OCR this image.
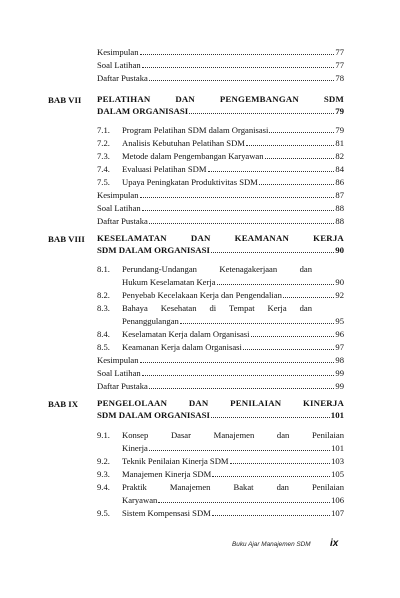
Kesimpulan	77
Soal Latihan	77
Daftar Pustaka	78
BAB VII PELATIHAN DAN PENGEMBANGAN SDM
DALAM ORGANISASI	79
7.1.	Program Pelatihan SDM dalam Organisasi	79
7.2.	Analisis Kebutuhan Pelatihan SDM	81
7.3.	Metode dalam Pengembangan Karyawan	82
7.4.	Evaluasi Pelatihan SDM	84
7.5.	Upaya Peningkatan Produktivitas SDM	86
Kesimpulan	87
Soal Latihan	88
Daftar Pustaka	88
BAB VIII KESELAMATAN DAN KEAMANAN KERJA
SDM DALAM ORGANISASI	90
8.1.	Perundang-Undangan Ketenagakerjaan dan
Hukum Keselamatan Kerja	90
8.2.	Penyebab Kecelakaan Kerja dan Pengendalian	92
8.3.	Bahaya Kesehatan di Tempat Kerja dan
Penanggulangan	95
8.4.	Keselamatan Kerja dalam Organisasi	96
8.5.	Keamanan Kerja dalam Organisasi	97
Kesimpulan	98
Soal Latihan	99
Daftar Pustaka	99
BAB IX PENGELOLAAN DAN PENILAIAN KINERJA
SDM DALAM ORGANISASI	101
9.1.	Konsep Dasar Manajemen dan Penilaian
Kinerja	101
9.2.	Teknik Penilaian Kinerja SDM	103
9.3.	Manajemen Kinerja SDM	105
9.4.	Praktik Manajemen Bakat dan Penilaian
Karyawan	106
9.5.	Sistem Kompensasi SDM	107
Buku Ajar Manajemen SDM ix
